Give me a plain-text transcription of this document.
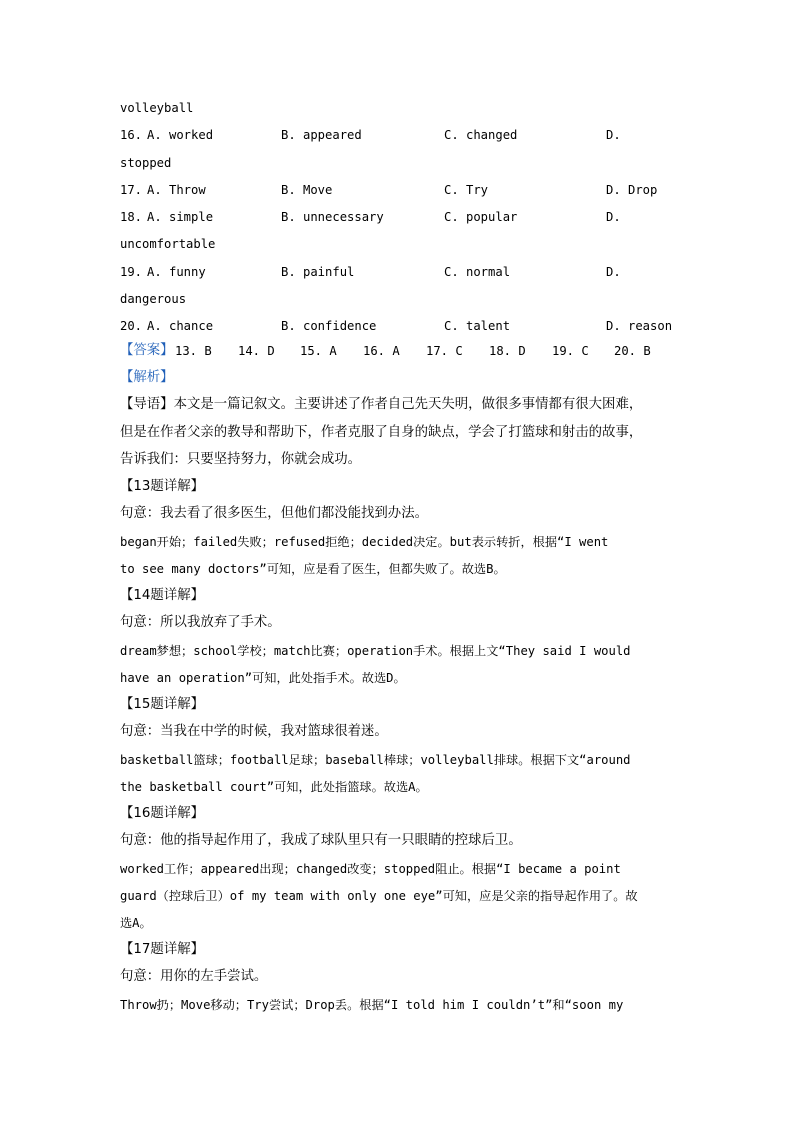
volleyball
16. A. worked	B. appeared	C. changed	D.
stopped
17. A. Throw	B. Move	C. Try	D. Drop
18. A. simple	B. unnecessary	C. popular	D.
uncomfortable
19. A. funny	B. painful	C. normal	D.
dangerous
20. A. chance	B. confidence	C. talent	D. reason
【答案】 13. B 14. D 15. A 16. A 17. C 18. D 19. C 20. B
【解析】
【导语】本文是一篇记叙文。主要讲述了作者自己先天失明，做很多事情都有很大困难，
但是在作者父亲的教导和帮助下，作者克服了自身的缺点，学会了打篮球和射击的故事，
告诉我们：只要坚持努力，你就会成功。
【13题详解】
句意：我去看了很多医生，但他们都没能找到办法。
began开始；failed失败；refused拒绝；decided决定。but表示转折，根据“I went
to see many doctors”可知，应是看了医生，但都失败了。故选B。
【14题详解】
句意：所以我放弃了手术。
dream梦想；school学校；match比赛；operation手术。根据上文“They said I would
have an operation”可知，此处指手术。故选D。
【15题详解】
句意：当我在中学的时候，我对篮球很着迷。
basketball篮球；football足球；baseball棒球；volleyball排球。根据下文“around
the basketball court”可知，此处指篮球。故选A。
【16题详解】
句意：他的指导起作用了，我成了球队里只有一只眼睛的控球后卫。
worked工作；appeared出现；changed改变；stopped阻止。根据“I became a point
guard（控球后卫）of my team with only one eye”可知，应是父亲的指导起作用了。故
选A。
【17题详解】
句意：用你的左手尝试。
Throw扔；Move移动；Try尝试；Drop丢。根据“I told him I couldn’t”和“soon my
